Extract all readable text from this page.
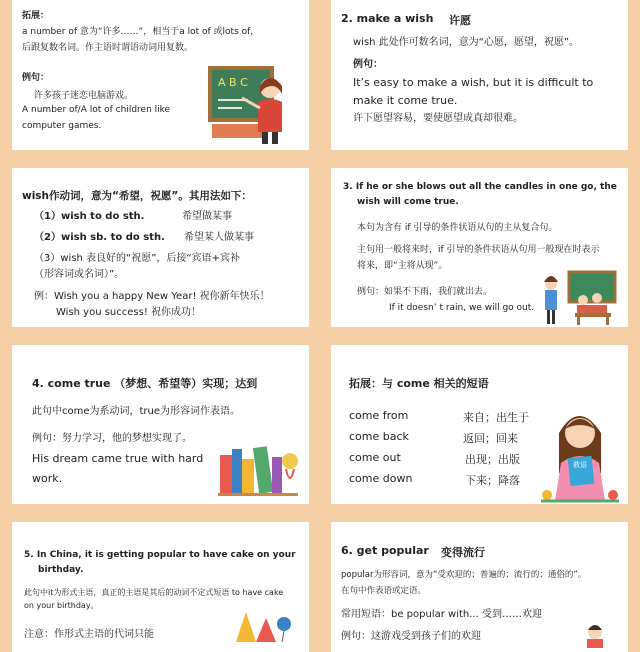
拓展：

a number of 意为“许多……”，相当于a lot of 或lots of，

后跟复数名词。作主语时谓语动词用复数。

例句：

许多孩子迷恋电脑游戏。

A number of/A lot of children like

computer games.

A B C

2. make a wish 许愿

wish 此处作可数名词，意为“心愿，愿望，祝愿”。

例句：

It’s easy to make a wish, but it is difficult to

make it come true.

许下愿望容易，要使愿望成真却很难。

wish作动词，意为“希望，祝愿”。其用法如下：

（1）wish to do sth.	希望做某事

（2）wish sb. to do sth. 希望某人做某事

（3）wish 表良好的“祝愿”，后接“宾语+宾补

（形容词或名词）”。

例：Wish you a happy New Year! 祝你新年快乐！

Wish you success! 祝你成功！

3. If he or she blows out all the candles in one go, the

wish will come true.

本句为含有 if 引导的条件状语从句的主从复合句。

主句用一般将来时，if 引导的条件状语从句用一般现在时表示

将来，即“主将从现”。

例句：如果不下雨，我们就出去。

If it doesn’ t rain, we will go out.

4. come true （梦想、希望等）实现；达到

此句中come为系动词，true为形容词作表语。

例句：努力学习，他的梦想实现了。

His dream came true with hard

work.

拓展：与 come 相关的短语

come from	来自；出生于
come back	返回；回来
come out	出现；出版
come down	下来；降落
教语

5. In China, it is getting popular to have cake on your

birthday.

此句中it为形式主语，真正的主语是其后的动词不定式短语 to have cake

on your birthday。

注意：作形式主语的代词只能

6. get popular 变得流行

popular为形容词，意为“受欢迎的；普遍的；流行的；通俗的”。

在句中作表语或定语。

常用短语：be popular with... 受到……欢迎

例句：这游戏受到孩子们的欢迎
